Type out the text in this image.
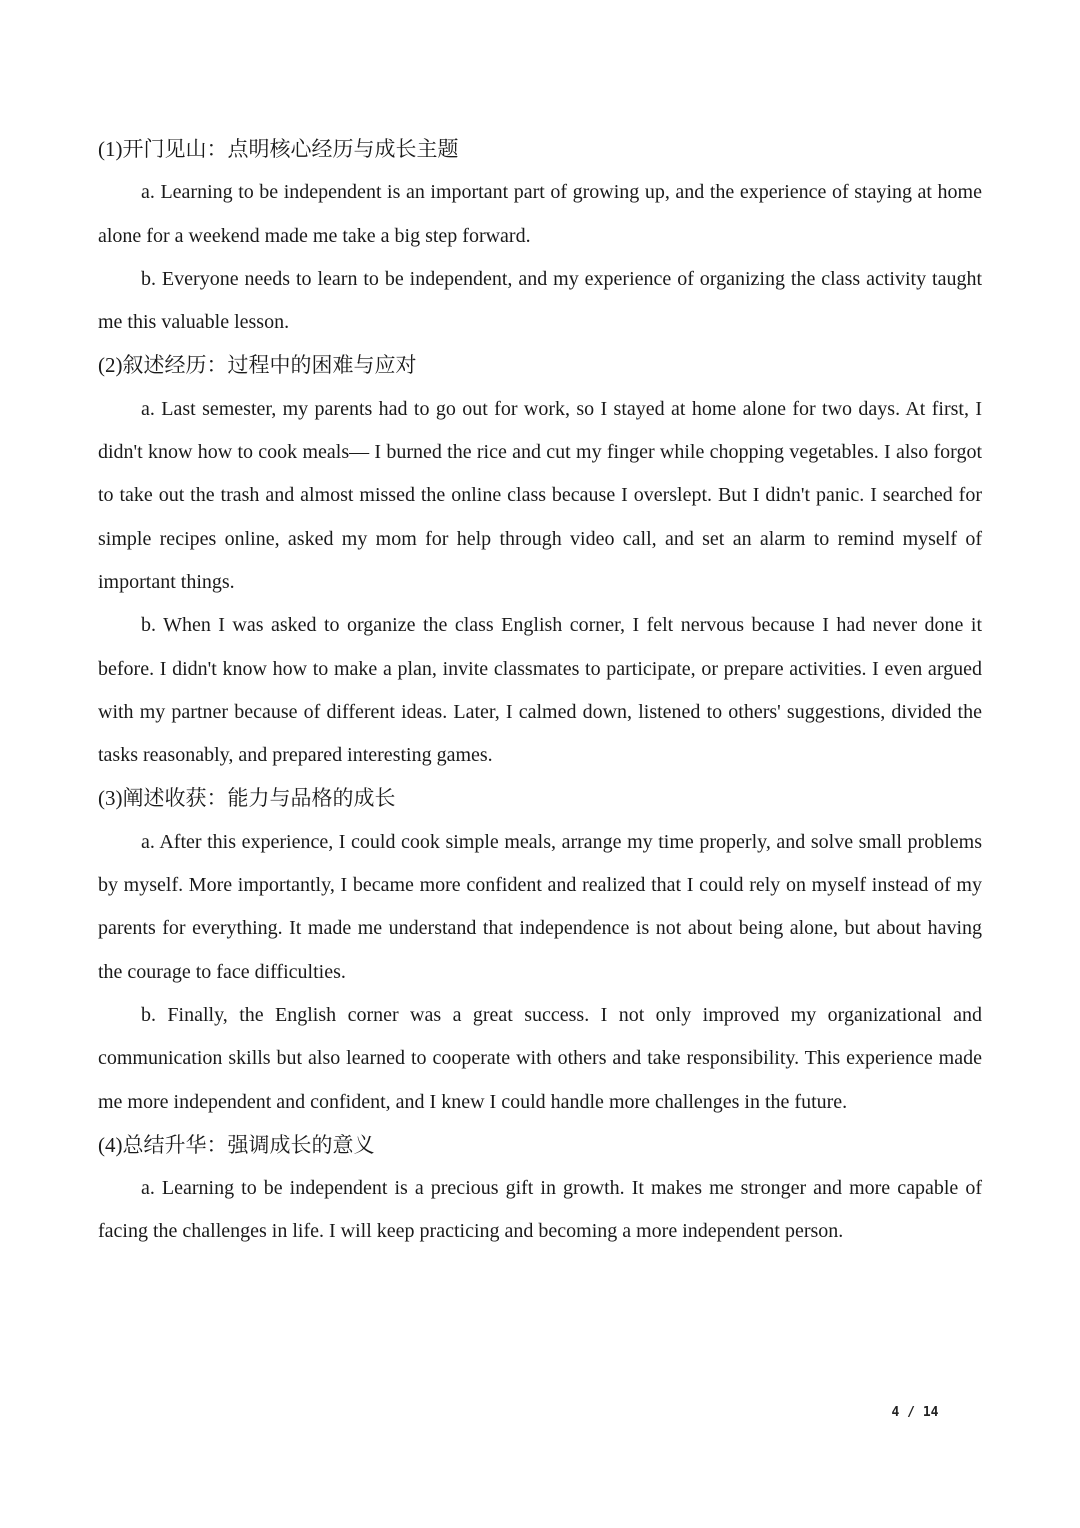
(1)开门见山：点明核心经历与成长主题

a. Learning to be independent is an important part of growing up, and the experience of staying at home alone for a weekend made me take a big step forward.

b. Everyone needs to learn to be independent, and my experience of organizing the class activity taught me this valuable lesson.

(2)叙述经历：过程中的困难与应对

a. Last semester, my parents had to go out for work, so I stayed at home alone for two days. At first, I didn't know how to cook meals— I burned the rice and cut my finger while chopping vegetables. I also forgot to take out the trash and almost missed the online class because I overslept. But I didn't panic. I searched for simple recipes online, asked my mom for help through video call, and set an alarm to remind myself of important things.

b. When I was asked to organize the class English corner, I felt nervous because I had never done it before. I didn't know how to make a plan, invite classmates to participate, or prepare activities. I even argued with my partner because of different ideas. Later, I calmed down, listened to others' suggestions, divided the tasks reasonably, and prepared interesting games.

(3)阐述收获：能力与品格的成长

a. After this experience, I could cook simple meals, arrange my time properly, and solve small problems by myself. More importantly, I became more confident and realized that I could rely on myself instead of my parents for everything. It made me understand that independence is not about being alone, but about having the courage to face difficulties.

b. Finally, the English corner was a great success. I not only improved my organizational and communication skills but also learned to cooperate with others and take responsibility. This experience made me more independent and confident, and I knew I could handle more challenges in the future.

(4)总结升华：强调成长的意义

a. Learning to be independent is a precious gift in growth. It makes me stronger and more capable of facing the challenges in life. I will keep practicing and becoming a more independent person.

4 / 14
